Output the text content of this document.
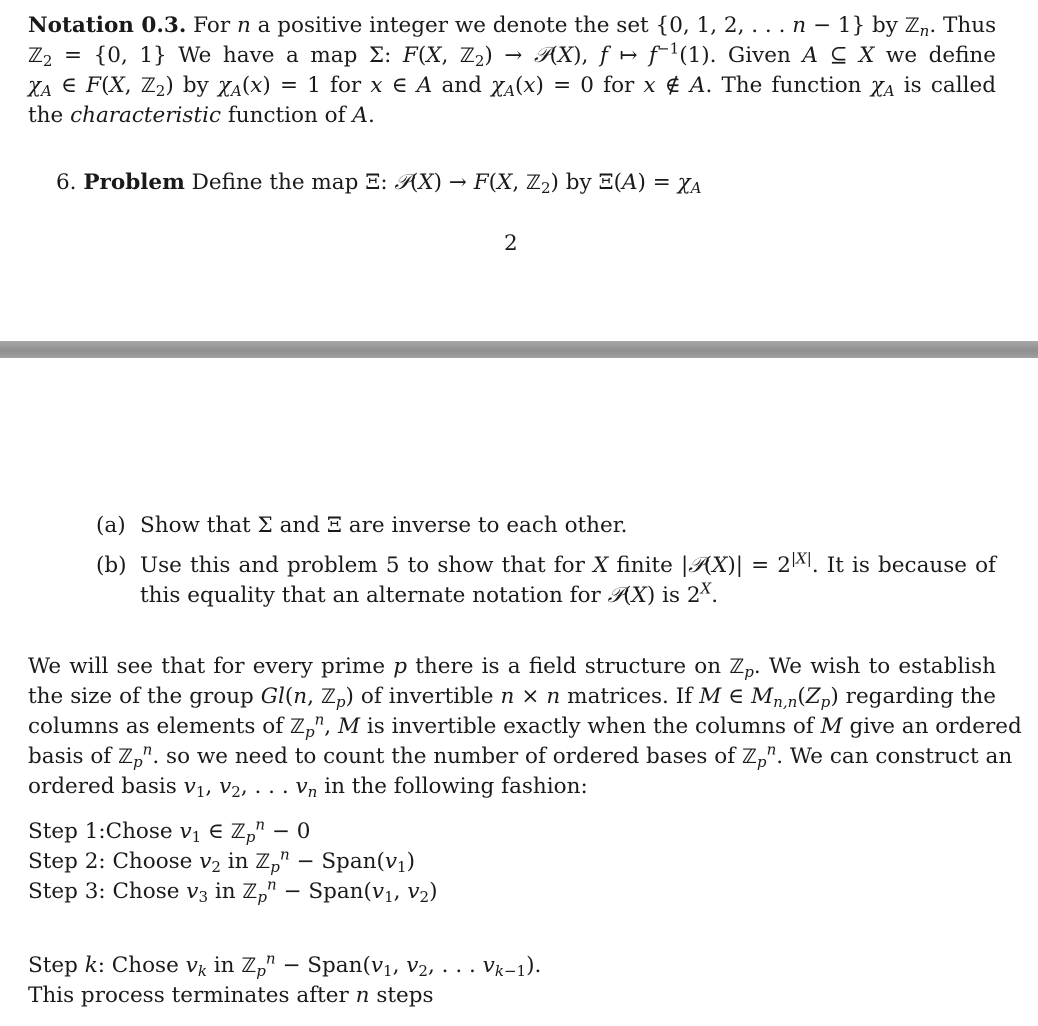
Notation 0.3. For n a positive integer we denote the set {0, 1, 2, . . . n − 1} by ℤ$_n$. Thus
ℤ$_2$ = {0, 1} We have a map Σ: F(X, ℤ$_2$) → 𝒫(X), f ↦ $f^{-1}(1)$. Given A ⊆ X we define
$\chi_A$ ∈ F(X, ℤ$_2$) by $\chi_A(x) = 1$ for x ∈ A and $\chi_A(x) = 0$ for x ∉ A. The function $\chi_A$ is called
the characteristic function of A.
6. Problem Define the map Ξ: 𝒫(X) → F(X, ℤ$_2$) by $\Xi(A) = \chi_A$
2
(a) Show that Σ and Ξ are inverse to each other.
(b) Use this and problem 5 to show that for X finite |𝒫(X)| = $2^{|X|}$. It is because of
this equality that an alternate notation for 𝒫(X) is $2^X$.
We will see that for every prime p there is a field structure on ℤ$_p$. We wish to establish
the size of the group Gl(n, ℤ$_p$) of invertible n × n matrices. If M ∈ $M_{n,n}(Z_p)$ regarding the
columns as elements of ℤ$_p^n$, M is invertible exactly when the columns of M give an ordered
basis of ℤ$_p^n$. so we need to count the number of ordered bases of ℤ$_p^n$. We can construct an
ordered basis $v_1$, $v_2$, . . . $v_n$ in the following fashion:
Step 1:Chose $v_1$ ∈ ℤ$_p^n$ − 0
Step 2: Choose $v_2$ in ℤ$_p^n$ − $Span(v_1)$
Step 3: Chose $v_3$ in ℤ$_p^n$ − $Span(v_1$, $v_2$)
Step k: Chose $v_k$ in ℤ$_p^n$ − $Span(v_1$, $v_2$, . . . $v_{k-1}$).
This process terminates after n steps
